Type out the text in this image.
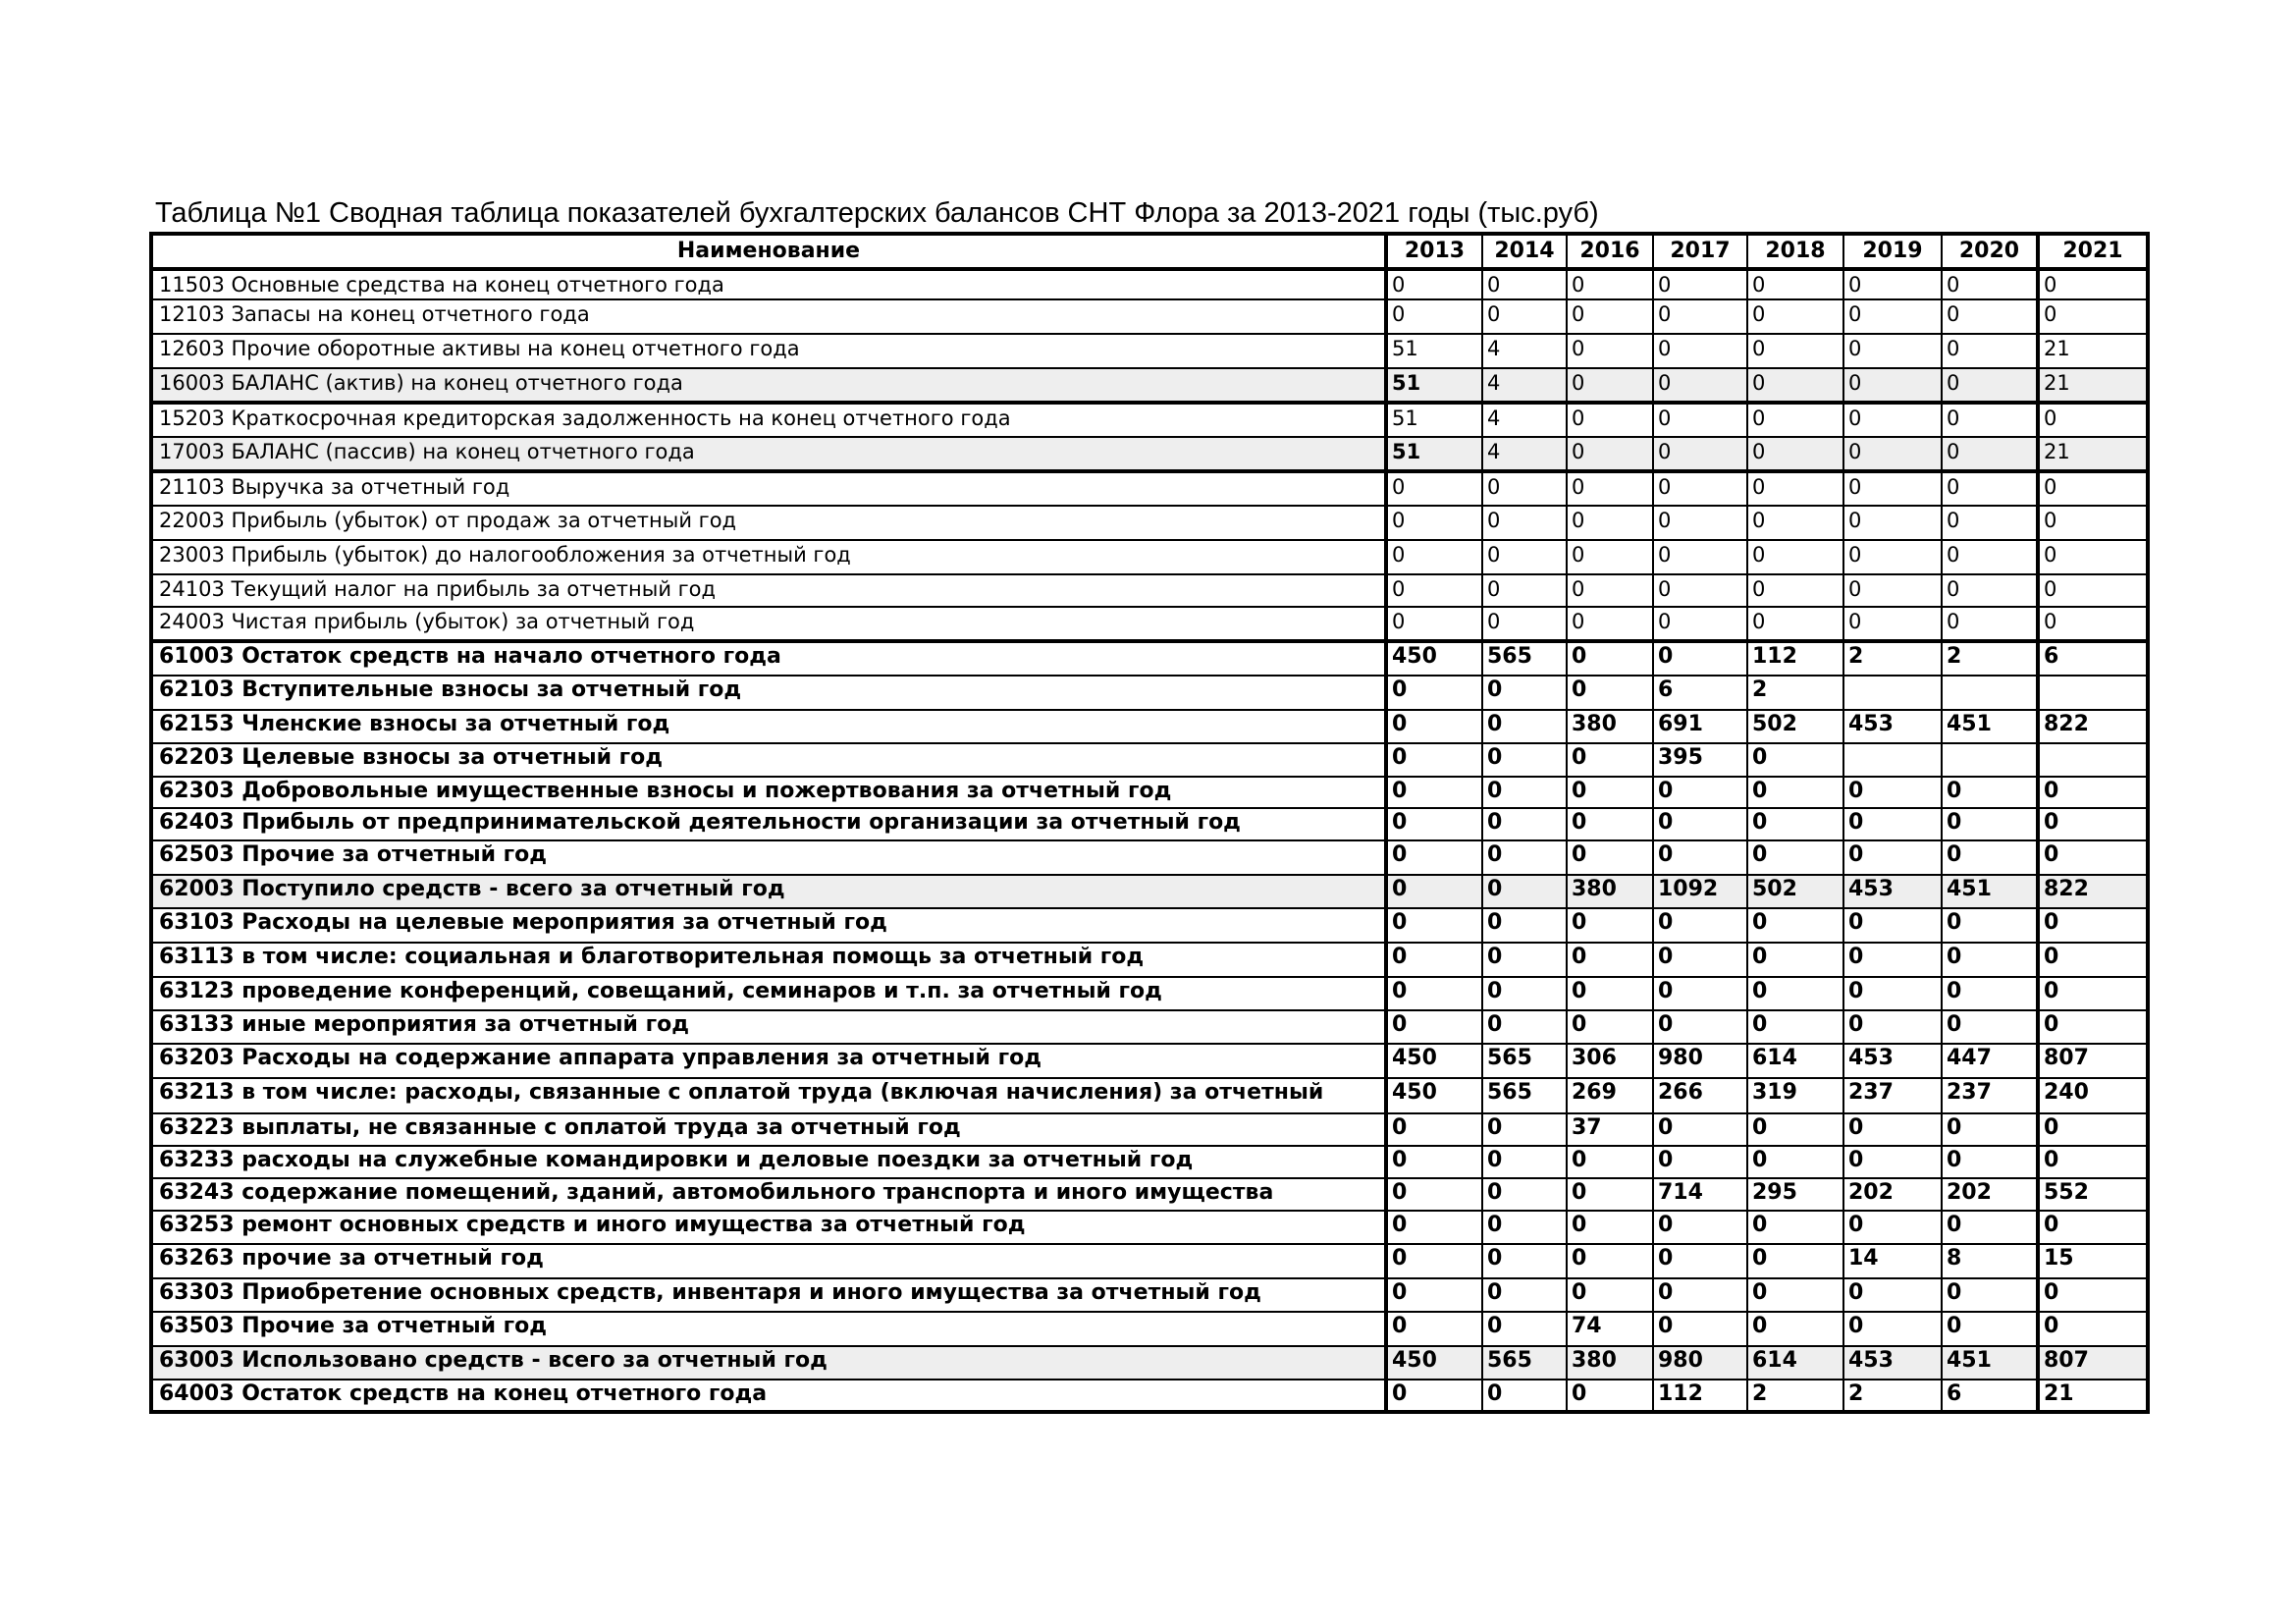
Таблица №1 Сводная таблица показателей бухгалтерских балансов СНТ Флора за 2013-2021 годы (тыс.руб)
Наименование	2013	2014	2016	2017	2018	2019	2020	2021
11503 Основные средства на конец отчетного года	0	0	0	0	0	0	0	0
12103 Запасы на конец отчетного года	0	0	0	0	0	0	0	0
12603 Прочие оборотные активы на конец отчетного года	51	4	0	0	0	0	0	21
16003 БАЛАНС (актив) на конец отчетного года	51	4	0	0	0	0	0	21
15203 Краткосрочная кредиторская задолженность на конец отчетного года	51	4	0	0	0	0	0	0
17003 БАЛАНС (пассив) на конец отчетного года	51	4	0	0	0	0	0	21
21103 Выручка за отчетный год	0	0	0	0	0	0	0	0
22003 Прибыль (убыток) от продаж за отчетный год	0	0	0	0	0	0	0	0
23003 Прибыль (убыток) до налогообложения за отчетный год	0	0	0	0	0	0	0	0
24103 Текущий налог на прибыль за отчетный год	0	0	0	0	0	0	0	0
24003 Чистая прибыль (убыток) за отчетный год	0	0	0	0	0	0	0	0
61003 Остаток средств на начало отчетного года	450	565	0	0	112	2	2	6
62103 Вступительные взносы за отчетный год	0	0	0	6	2			
62153 Членские взносы за отчетный год	0	0	380	691	502	453	451	822
62203 Целевые взносы за отчетный год	0	0	0	395	0			
62303 Добровольные имущественные взносы и пожертвования за отчетный год	0	0	0	0	0	0	0	0
62403 Прибыль от предпринимательской деятельности организации за отчетный год	0	0	0	0	0	0	0	0
62503 Прочие за отчетный год	0	0	0	0	0	0	0	0
62003 Поступило средств - всего за отчетный год	0	0	380	1092	502	453	451	822
63103 Расходы на целевые мероприятия за отчетный год	0	0	0	0	0	0	0	0
63113 в том числе: социальная и благотворительная помощь за отчетный год	0	0	0	0	0	0	0	0
63123 проведение конференций, совещаний, семинаров и т.п. за отчетный год	0	0	0	0	0	0	0	0
63133 иные мероприятия за отчетный год	0	0	0	0	0	0	0	0
63203 Расходы на содержание аппарата управления за отчетный год	450	565	306	980	614	453	447	807
63213 в том числе: расходы, связанные с оплатой труда (включая начисления) за отчетный	450	565	269	266	319	237	237	240
63223 выплаты, не связанные с оплатой труда за отчетный год	0	0	37	0	0	0	0	0
63233 расходы на служебные командировки и деловые поездки за отчетный год	0	0	0	0	0	0	0	0
63243 содержание помещений, зданий, автомобильного транспорта и иного имущества	0	0	0	714	295	202	202	552
63253 ремонт основных средств и иного имущества за отчетный год	0	0	0	0	0	0	0	0
63263 прочие за отчетный год	0	0	0	0	0	14	8	15
63303 Приобретение основных средств, инвентаря и иного имущества за отчетный год	0	0	0	0	0	0	0	0
63503 Прочие за отчетный год	0	0	74	0	0	0	0	0
63003 Использовано средств - всего за отчетный год	450	565	380	980	614	453	451	807
64003 Остаток средств на конец отчетного года	0	0	0	112	2	2	6	21
